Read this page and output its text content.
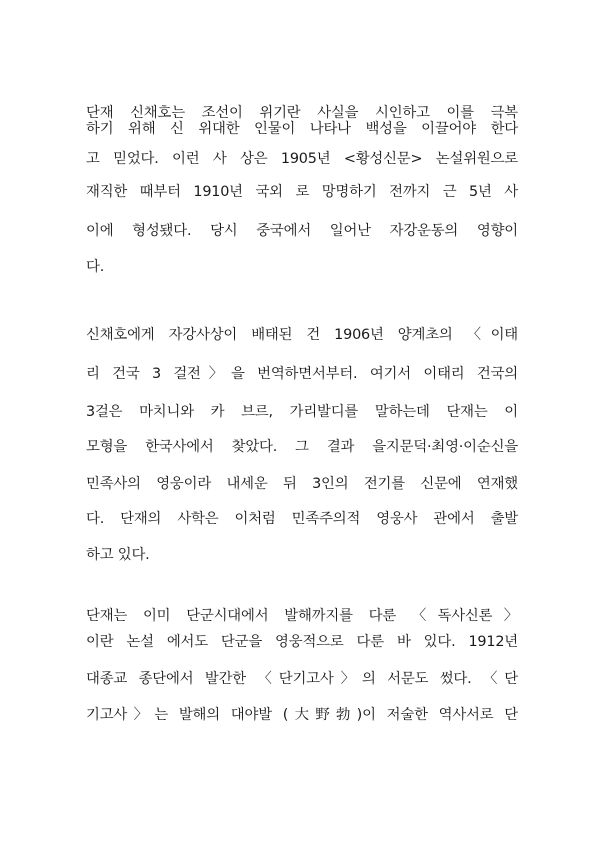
단재 신채호는 조선이 위기란 사실을 시인하고 이를 극복
하기 위해 신 위대한 인물이 나타나 백성을 이끌어야 한다
고 믿었다. 이런 사 상은 1905년 <황성신문> 논설위원으로
재직한 때부터 1910년 국외 로 망명하기 전까지 근 5년 사
이에 형성됐다. 당시 중국에서 일어난 자강운동의 영향이
다.
신채호에게 자강사상이 배태된 건 1906년 양계초의 〈이태
리 건국 3 걸전〉을 번역하면서부터. 여기서 이태리 건국의
3걸은 마치니와 카 브르, 가리발디를 말하는데 단재는 이
모형을 한국사에서 찾았다. 그 결과 을지문덕·최영·이순신을
민족사의 영웅이라 내세운 뒤 3인의 전기를 신문에 연재했
다. 단재의 사학은 이처럼 민족주의적 영웅사 관에서 출발
하고 있다.
단재는 이미 단군시대에서 발해까지를 다룬 〈독사신론〉
이란 논설 에서도 단군을 영웅적으로 다룬 바 있다. 1912년
대종교 종단에서 발간한 〈단기고사〉의 서문도 썼다. 〈단
기고사〉는 발해의 대야발 (大野勃)이 저술한 역사서로 단
